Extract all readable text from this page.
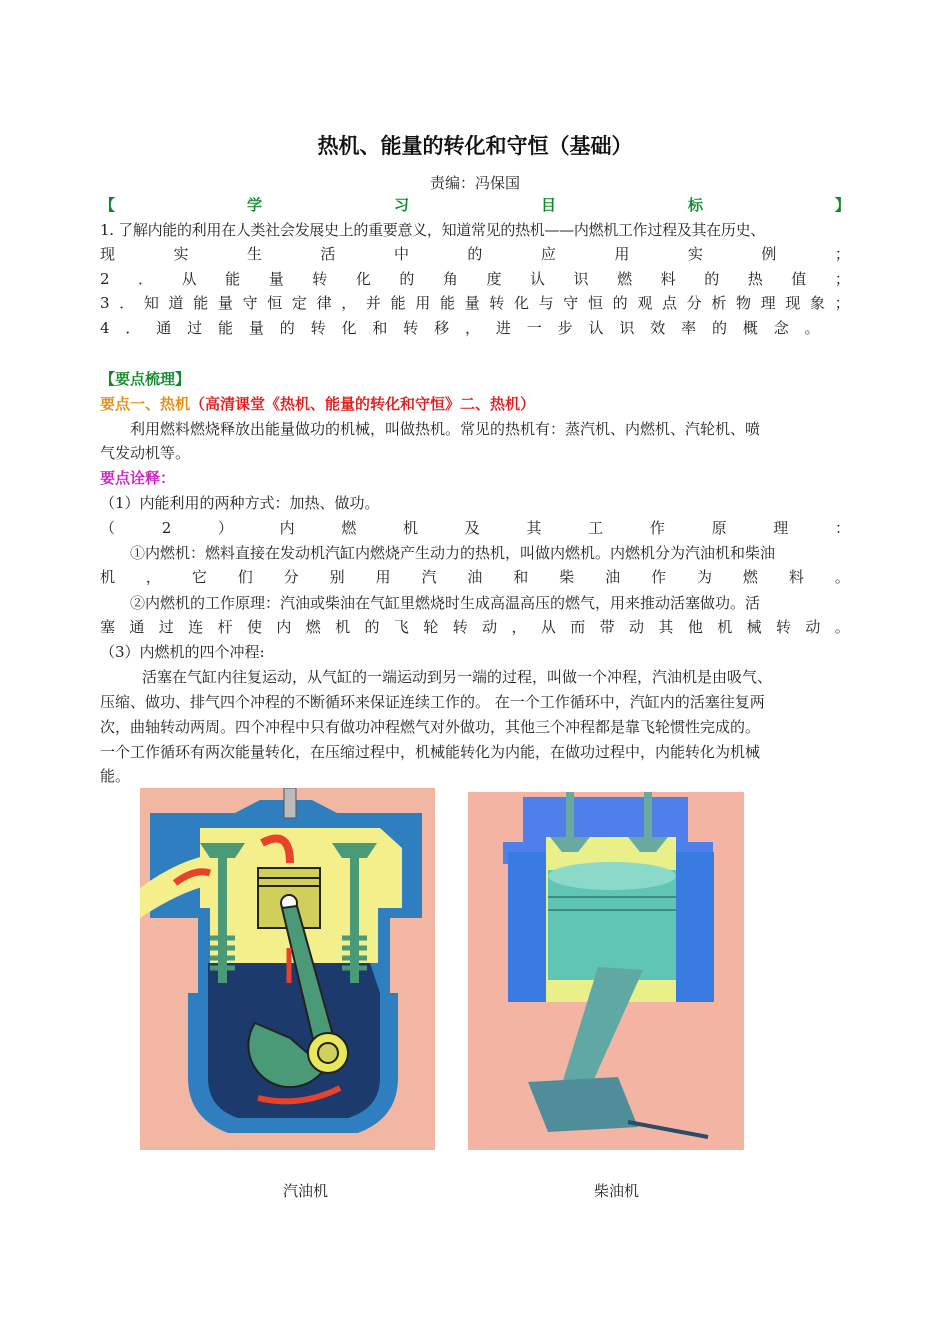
热机、能量的转化和守恒（基础）
责编：冯保国
【	学	习	目	标	】
1. 了解内能的利用在人类社会发展史上的重要意义，知道常见的热机——内燃机工作过程及其在历史、
现	实	生	活	中	的	应	用	实	例	；
2 ． 从 能 量 转 化 的 角 度 认 识 燃 料 的 热 值 ；
3 ． 知 道 能 量 守 恒 定 律 ， 并 能 用 能 量 转 化 与 守 恒 的 观 点 分 析 物 理 现 象 ；
4 ． 通 过 能 量 的 转 化 和 转 移 ， 进 一 步 认 识 效 率 的 概 念 。
【要点梳理】
要点一、热机（高清课堂《热机、能量的转化和守恒》二、热机）
利用燃料燃烧释放出能量做功的机械，叫做热机。常见的热机有：蒸汽机、内燃机、汽轮机、喷
气发动机等。
要点诠释：
（1）内能利用的两种方式：加热、做功。
（	2	）	内	燃	机	及	其	工	作	原	理	：
①内燃机：燃料直接在发动机汽缸内燃烧产生动力的热机，叫做内燃机。内燃机分为汽油机和柴油
机 ， 它 们 分 别 用 汽 油 和 柴 油 作 为 燃 料 。
②内燃机的工作原理：汽油或柴油在气缸里燃烧时生成高温高压的燃气，用来推动活塞做功。活
塞 通 过 连 杆 使 内 燃 机 的 飞 轮 转 动 ， 从 而 带 动 其 他 机 械 转 动 。
（3）内燃机的四个冲程:
活塞在气缸内往复运动，从气缸的一端运动到另一端的过程，叫做一个冲程，汽油机是由吸气、
压缩、做功、排气四个冲程的不断循环来保证连续工作的。 在一个工作循环中，汽缸内的活塞往复两
次，曲轴转动两周。四个冲程中只有做功冲程燃气对外做功，其他三个冲程都是靠飞轮惯性完成的。
一个工作循环有两次能量转化，在压缩过程中，机械能转化为内能，在做功过程中，内能转化为机械
能。
汽油机	柴油机
